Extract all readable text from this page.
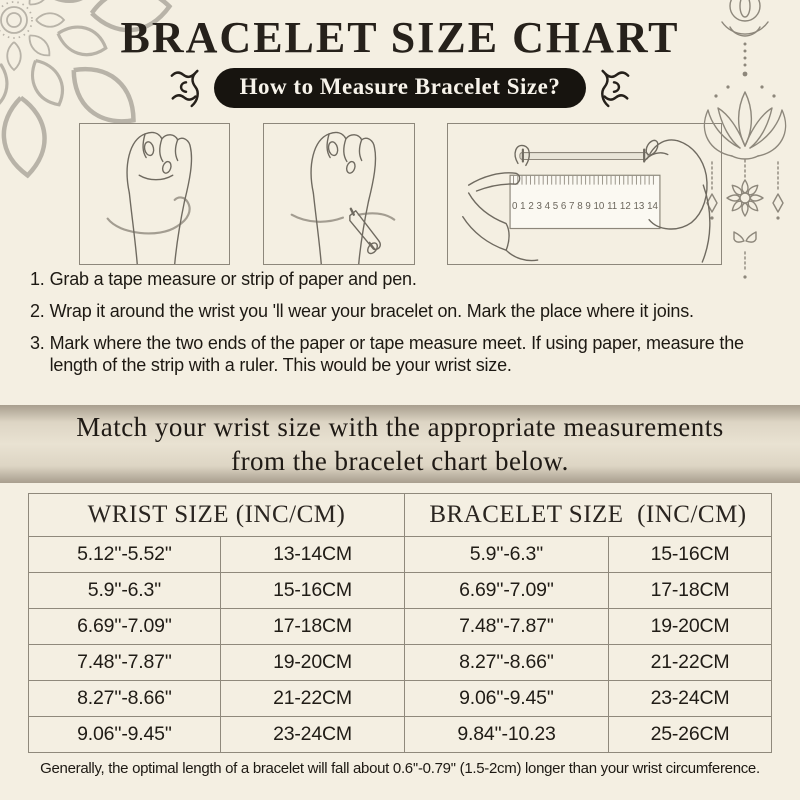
BRACELET SIZE CHART
How to Measure Bracelet Size?
0 1 2 3 4 5 6 7 8 9 10 11 12 13 14
1. Grab a tape measure or strip of paper and pen.
2. Wrap it around the wrist you 'll wear your bracelet on. Mark the place where it joins.
3. Mark where the two ends of the paper or tape measure meet. If using paper, measure the length of the strip with a ruler. This would be your wrist size.
Match your wrist size with the appropriate measurements
from the bracelet chart below.
WRIST SIZE (INC/CM)	BRACELET SIZE  (INC/CM)
5.12''-5.52''	13-14CM	5.9''-6.3''	15-16CM
5.9''-6.3''	15-16CM	6.69''-7.09''	17-18CM
6.69''-7.09''	17-18CM	7.48''-7.87''	19-20CM
7.48''-7.87''	19-20CM	8.27''-8.66''	21-22CM
8.27''-8.66''	21-22CM	9.06''-9.45''	23-24CM
9.06''-9.45''	23-24CM	9.84''-10.23	25-26CM
Generally, the optimal length of a bracelet will fall about 0.6''-0.79'' (1.5-2cm) longer than your wrist circumference.
